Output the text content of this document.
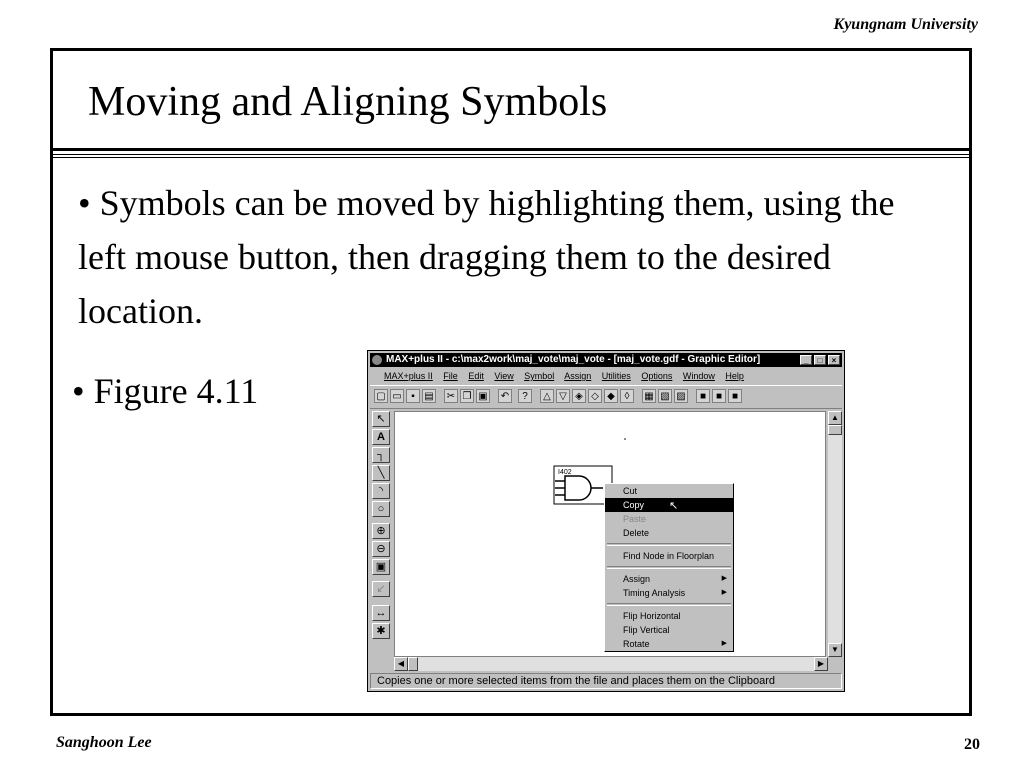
Kyungnam University
Moving and Aligning Symbols
• Symbols can be moved by highlighting them, using the left mouse button, then dragging them to the desired location.
• Figure 4.11
MAX+plus II - c:\max2work\maj_vote\maj_vote - [maj_vote.gdf - Graphic Editor]	_	□	×
MAX+plus II File Edit View Symbol Assign Utilities Options Window Help
▢ ▭ ▪ ▤ ✂ ❐ ▣ ↶	?	△ ▽ ◈ ◇ ◆ ◊	▦ ▧ ▨	■ ■ ■
↖
A
┐
╲
◝
○
⊕
⊖
▣
↙
↔
✱
I402
▲
▼
◀	▶
Copies one or more selected items from the file and places them on the Clipboard
Cut
Copy ↖
Paste
Delete
Find Node in Floorplan
Assign	▶
Timing Analysis	▶
Flip Horizontal
Flip Vertical
Rotate	▶
Sanghoon Lee	20
